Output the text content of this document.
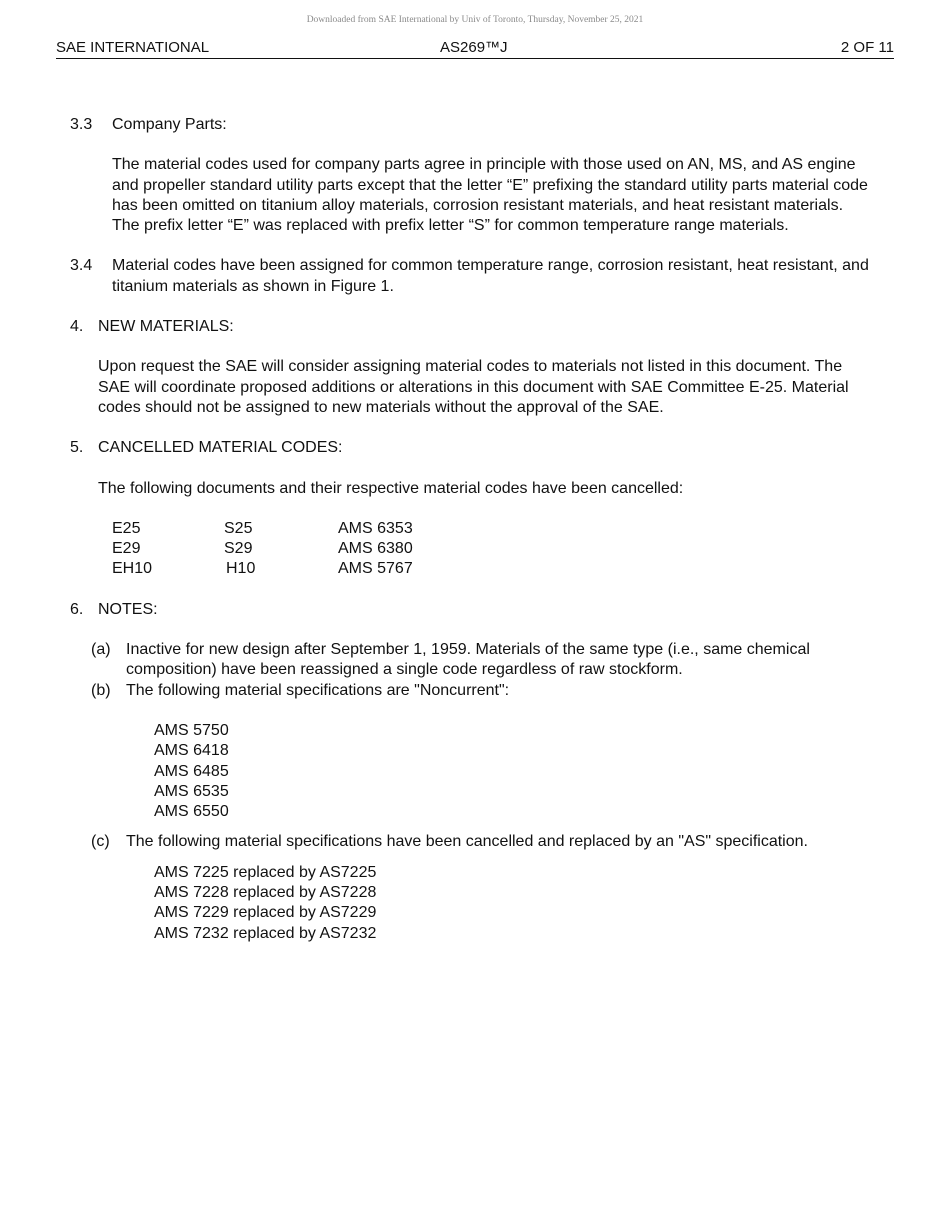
Downloaded from SAE International by Univ of Toronto, Thursday, November 25, 2021
SAE INTERNATIONAL	AS269™J	2 OF 11
3.3 Company Parts:

The material codes used for company parts agree in principle with those used on AN, MS, and AS engine and propeller standard utility parts except that the letter “E” prefixing the standard utility parts material code has been omitted on titanium alloy materials, corrosion resistant materials, and heat resistant materials. The prefix letter “E” was replaced with prefix letter “S” for common temperature range materials.

3.4 Material codes have been assigned for common temperature range, corrosion resistant, heat resistant, and titanium materials as shown in Figure 1.

4. NEW MATERIALS:

Upon request the SAE will consider assigning material codes to materials not listed in this document. The SAE will coordinate proposed additions or alterations in this document with SAE Committee E-25. Material codes should not be assigned to new materials without the approval of the SAE.

5. CANCELLED MATERIAL CODES:

The following documents and their respective material codes have been cancelled:

E25	S25	AMS 6353
E29	S29	AMS 6380
EH10	H10	AMS 5767
6. NOTES:

(a) Inactive for new design after September 1, 1959. Materials of the same type (i.e., same chemical composition) have been reassigned a single code regardless of raw stockform.

(b) The following material specifications are "Noncurrent":

AMS 5750
AMS 6418
AMS 6485
AMS 6535
AMS 6550
(c) The following material specifications have been cancelled and replaced by an "AS" specification.

AMS 7225 replaced by AS7225
AMS 7228 replaced by AS7228
AMS 7229 replaced by AS7229
AMS 7232 replaced by AS7232
